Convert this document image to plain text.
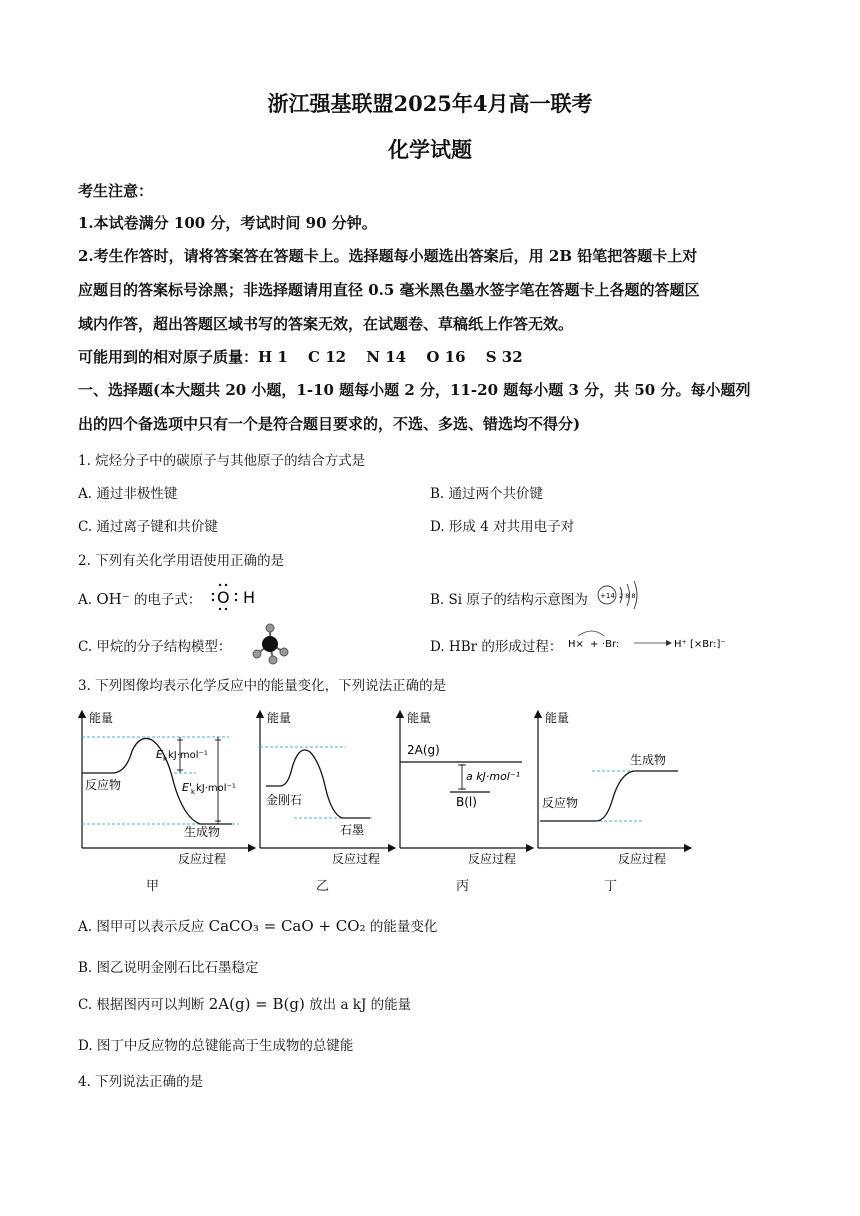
浙江强基联盟2025年4月高一联考
化学试题
考生注意：
1.本试卷满分 100 分，考试时间 90 分钟。
2.考生作答时，请将答案答在答题卡上。选择题每小题选出答案后，用 2B 铅笔把答题卡上对
应题目的答案标号涂黑；非选择题请用直径 0.5 毫米黑色墨水签字笔在答题卡上各题的答题区
域内作答，超出答题区域书写的答案无效，在试题卷、草稿纸上作答无效。
可能用到的相对原子质量：H 1　 C 12　 N 14　 O 16　 S 32
一、选择题(本大题共 20 小题，1-10 题每小题 2 分，11-20 题每小题 3 分，共 50 分。每小题列
出的四个备选项中只有一个是符合题目要求的，不选、多选、错选均不得分)
1. 烷烃分子中的碳原子与其他原子的结合方式是
A. 通过非极性键	B. 通过两个共价键
C. 通过离子键和共价键	D. 形成 4 对共用电子对
2. 下列有关化学用语使用正确的是
A. OH⁻ 的电子式： O H	B. Si 原子的结构示意图为 +14 2 8 8
C. 甲烷的分子结构模型：	D. HBr 的形成过程： H× + ·Br:	H⁺ [×Br:]⁻
3. 下列图像均表示化学反应中的能量变化，下列说法正确的是
能量
反应过程
E k kJ·mol⁻¹
E' k kJ·mol⁻¹
反应物
生成物
能量
反应过程
金刚石
石墨
能量
反应过程
2A(g)
a kJ·mol⁻¹
B(l)
能量
反应过程
生成物
反应物
甲	乙	丙	丁
A. 图甲可以表示反应 CaCO₃ = CaO + CO₂ 的能量变化
B. 图乙说明金刚石比石墨稳定
C. 根据图丙可以判断 2A(g) = B(g) 放出 a kJ 的能量
D. 图丁中反应物的总键能高于生成物的总键能
4. 下列说法正确的是
